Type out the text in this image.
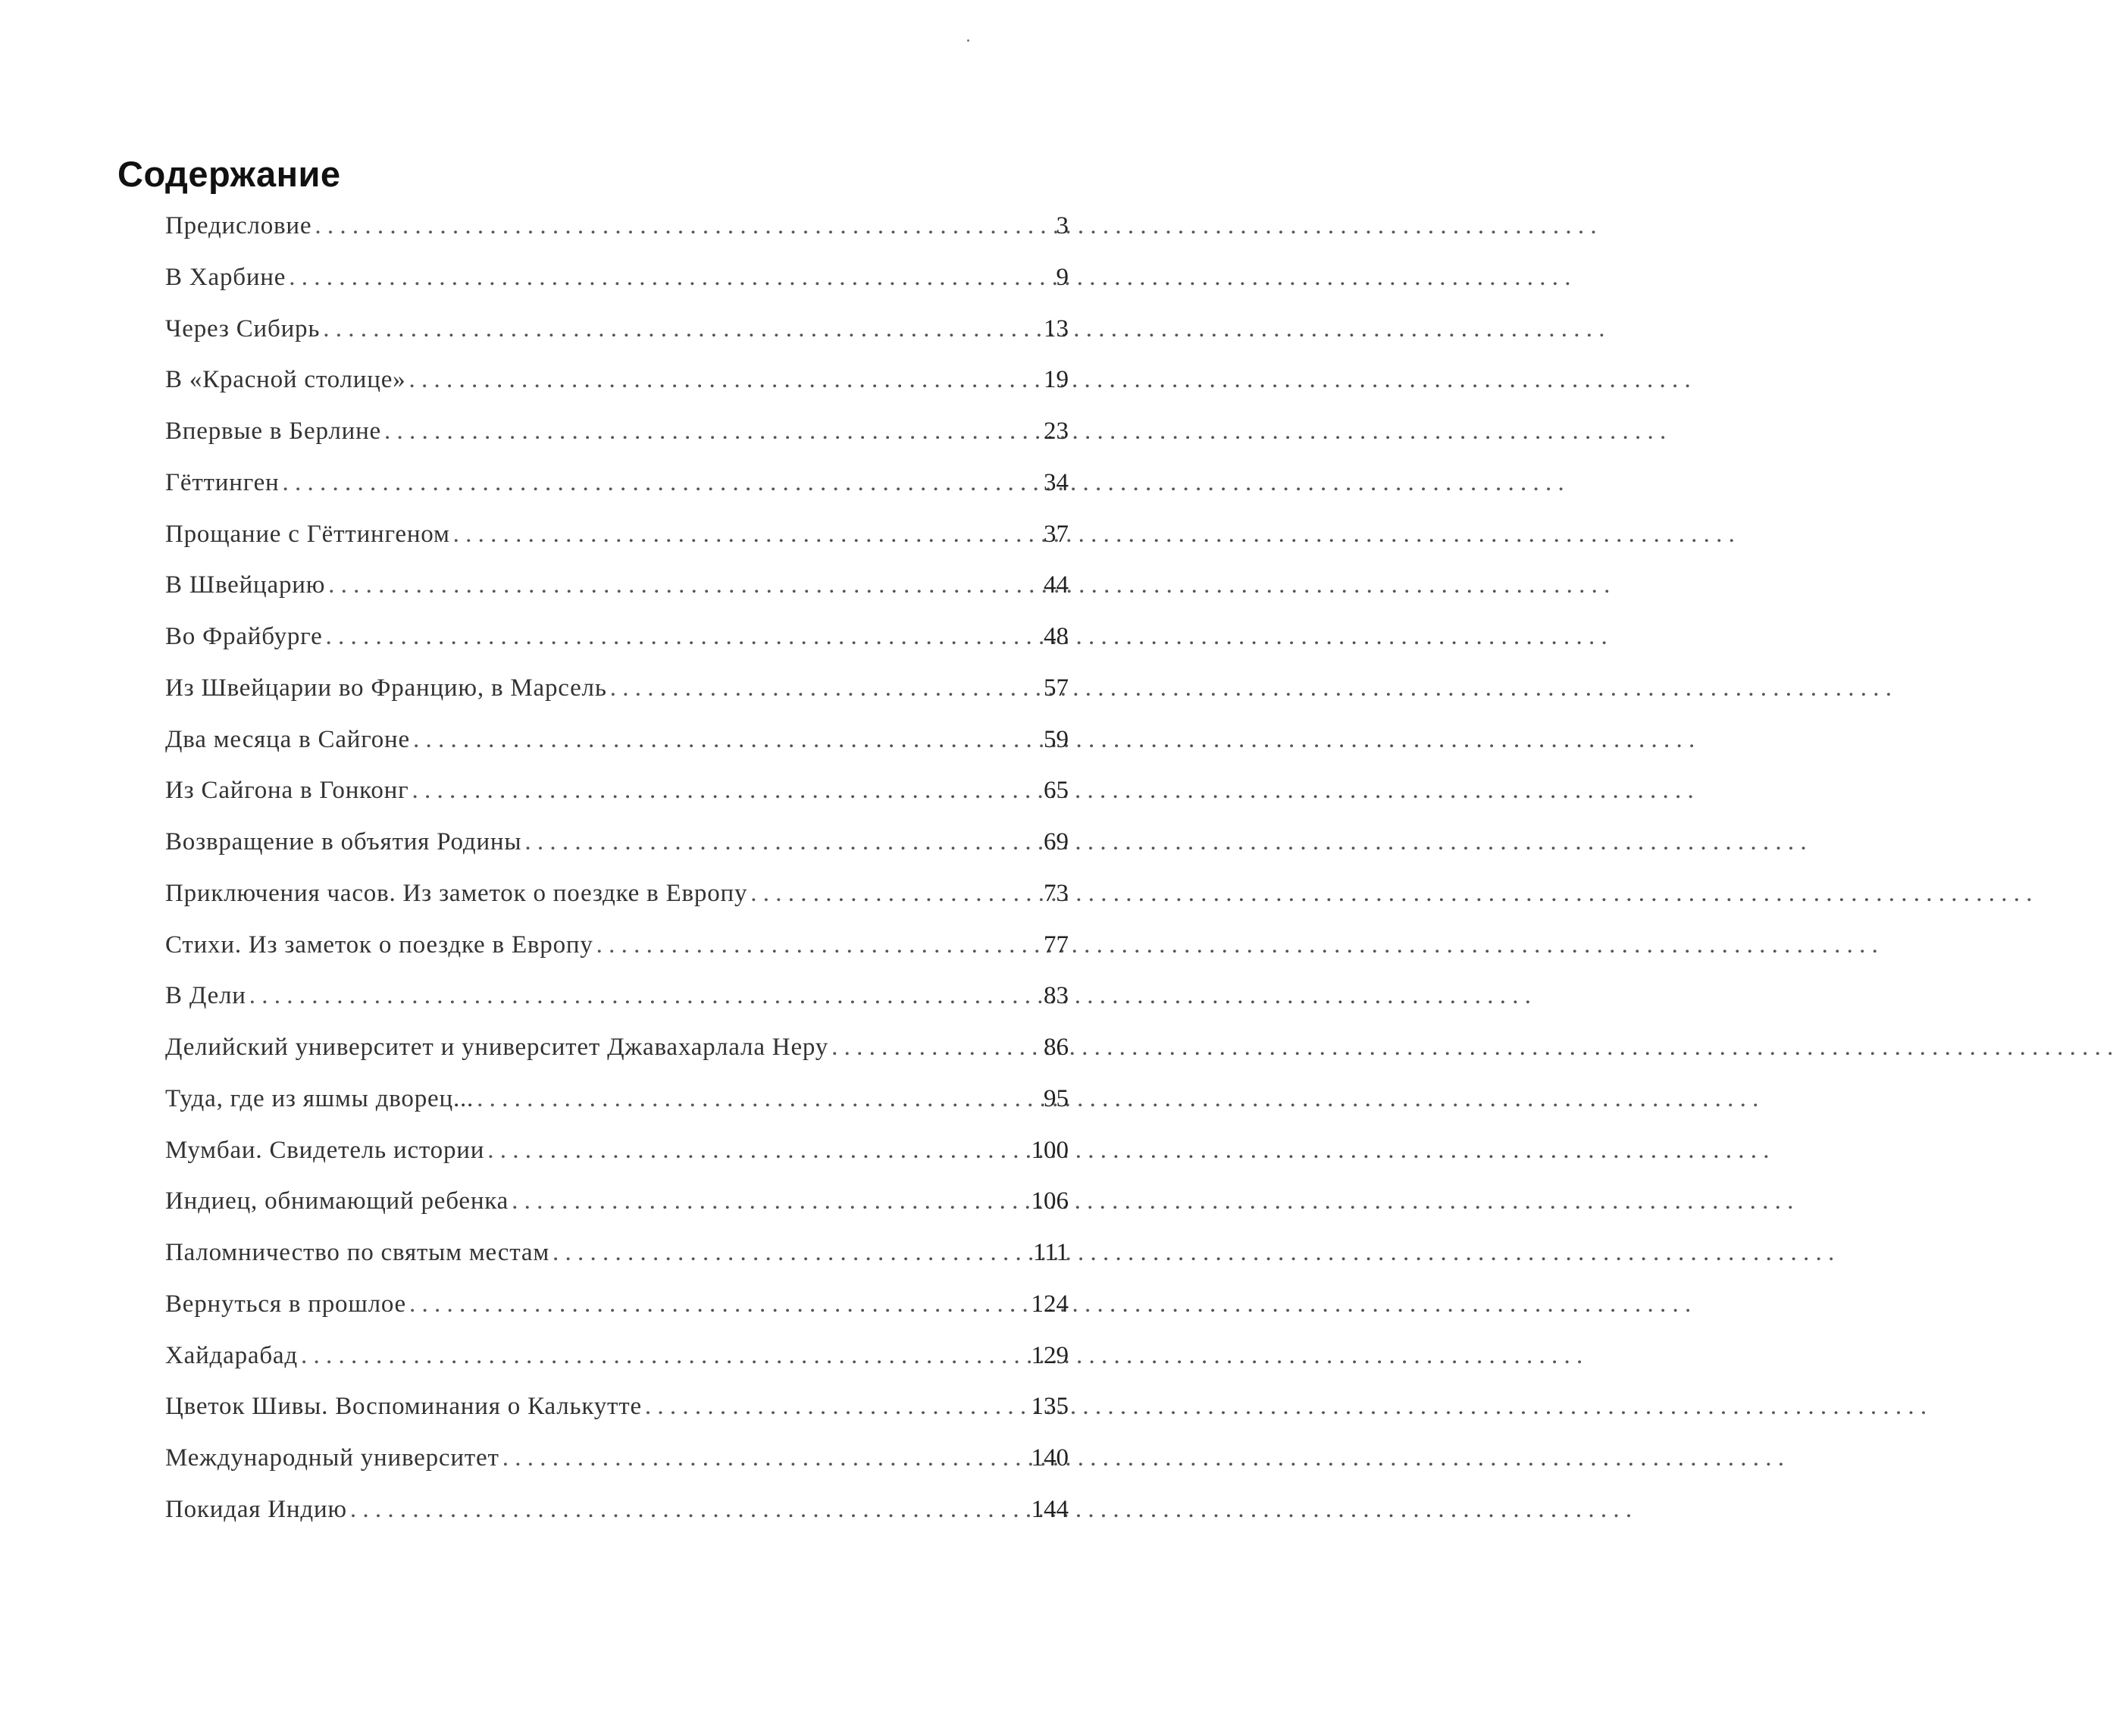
Содержание
Предисловие . . .	3
В Харбине . . .	9
Через Сибирь . . .	13
В «Красной столице» . . .	19
Впервые в Берлине . . .	23
Гёттинген . . .	34
Прощание с Гёттингеном . . .	37
В Швейцарию . . .	44
Во Фрайбурге . . .	48
Из Швейцарии во Францию, в Марсель . . .	57
Два месяца в Сайгоне . . .	59
Из Сайгона в Гонконг . . .	65
Возвращение в объятия Родины . . .	69
Приключения часов. Из заметок о поездке в Европу . . .	73
Стихи. Из заметок о поездке в Европу . . .	77
В Дели . . .	83
Делийский университет и университет Джавахарлала Неру . . .	86
Туда, где из яшмы дворец... . . .	95
Мумбаи. Свидетель истории . . .	100
Индиец, обнимающий ребенка . . .	106
Паломничество по святым местам . . .	111
Вернуться в прошлое . . .	124
Хайдарабад . . .	129
Цветок Шивы. Воспоминания о Калькутте . . .	135
Международный университет . . .	140
Покидая Индию . . .	144
